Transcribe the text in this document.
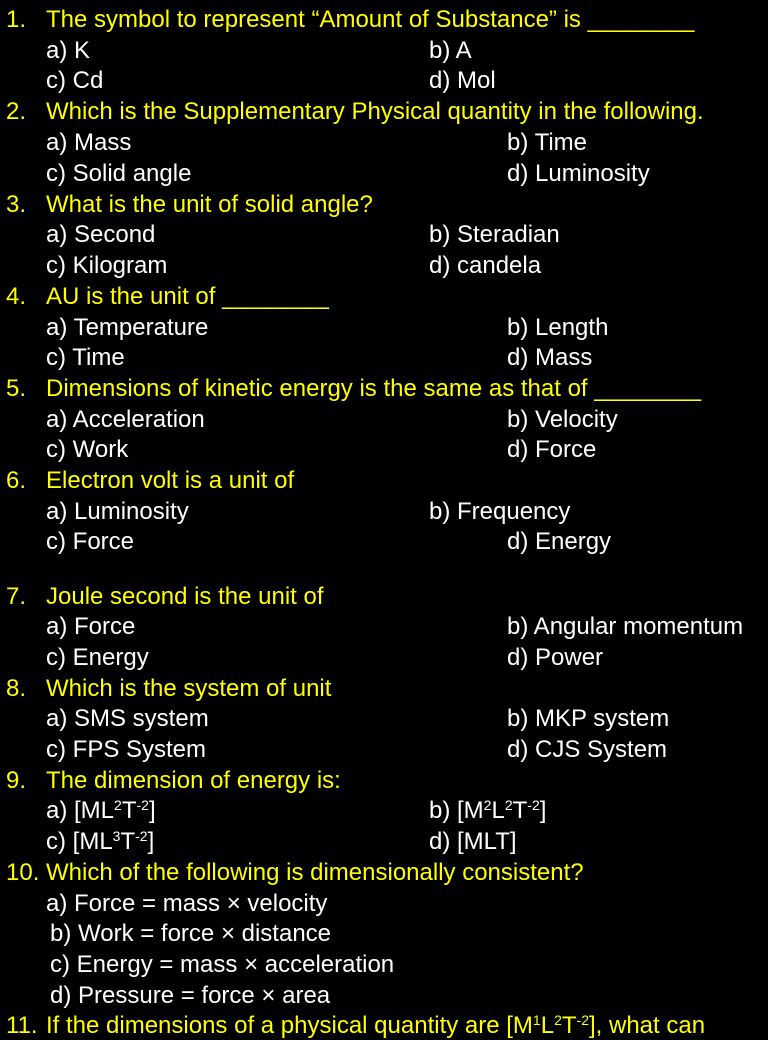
1. The symbol to represent “Amount of Substance” is ________
a) K	b) A
c) Cd	d) Mol
2. Which is the Supplementary Physical quantity in the following.
a) Mass	b) Time
c) Solid angle	d) Luminosity
3. What is the unit of solid angle?
a) Second	b) Steradian
c) Kilogram	d) candela
4. AU is the unit of ________
a) Temperature	b) Length
c) Time	d) Mass
5. Dimensions of kinetic energy is the same as that of ________
a) Acceleration	b) Velocity
c) Work	d) Force
6. Electron volt is a unit of
a) Luminosity	b) Frequency
c) Force	d) Energy
7. Joule second is the unit of
a) Force	b) Angular momentum
c) Energy	d) Power
8. Which is the system of unit
a) SMS system	b) MKP system
c) FPS System	d) CJS System
9. The dimension of energy is:
a) $[ML^2T^{-2}]$	b) $[M^2L^2T^{-2}]$
c) $[ML^3T^{-2}]$	d) [MLT]
10. Which of the following is dimensionally consistent?
a) Force = mass × velocity
b) Work = force × distance
c) Energy = mass × acceleration
d) Pressure = force × area
11. If the dimensions of a physical quantity are $[M^1L^2T^{-2}]$, what can
